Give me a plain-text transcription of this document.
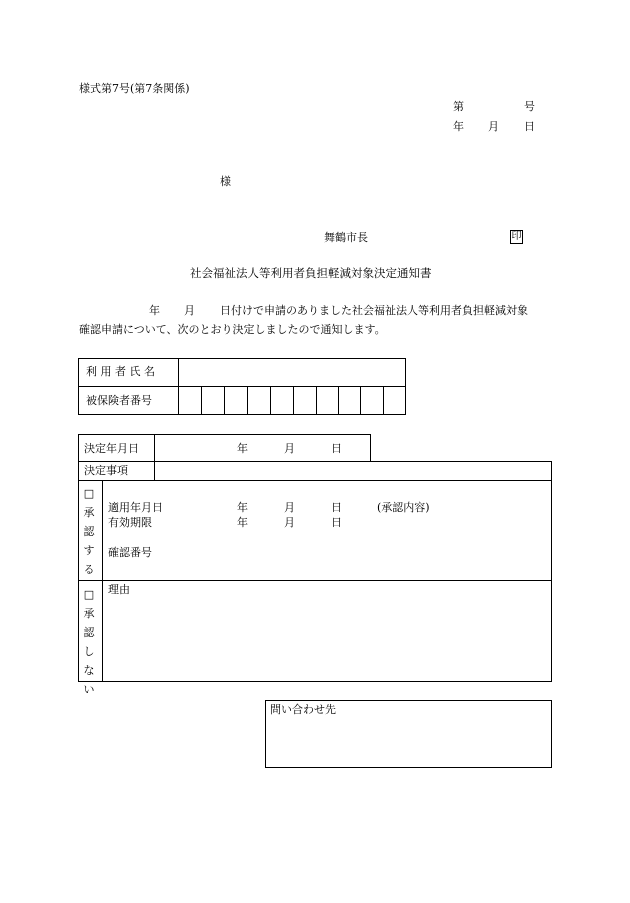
様式第7号(第7条関係)
第	号
年 月 日
様
舞鶴市長	印
社会福祉法人等利用者負担軽減対象決定通知書
年 月 日付けで申請のありました社会福祉法人等利用者負担軽減対象
確認申請について、次のとおり決定しましたので通知します。
利 用 者 氏 名
被保険者番号
決定年月日	年	月	日
決定事項
□
承
認
す
る
適用年月日	年	月	日	(承認内容)
有効期限	年	月	日
確認番号
□
承
認
し
な
い
理由
問い合わせ先
